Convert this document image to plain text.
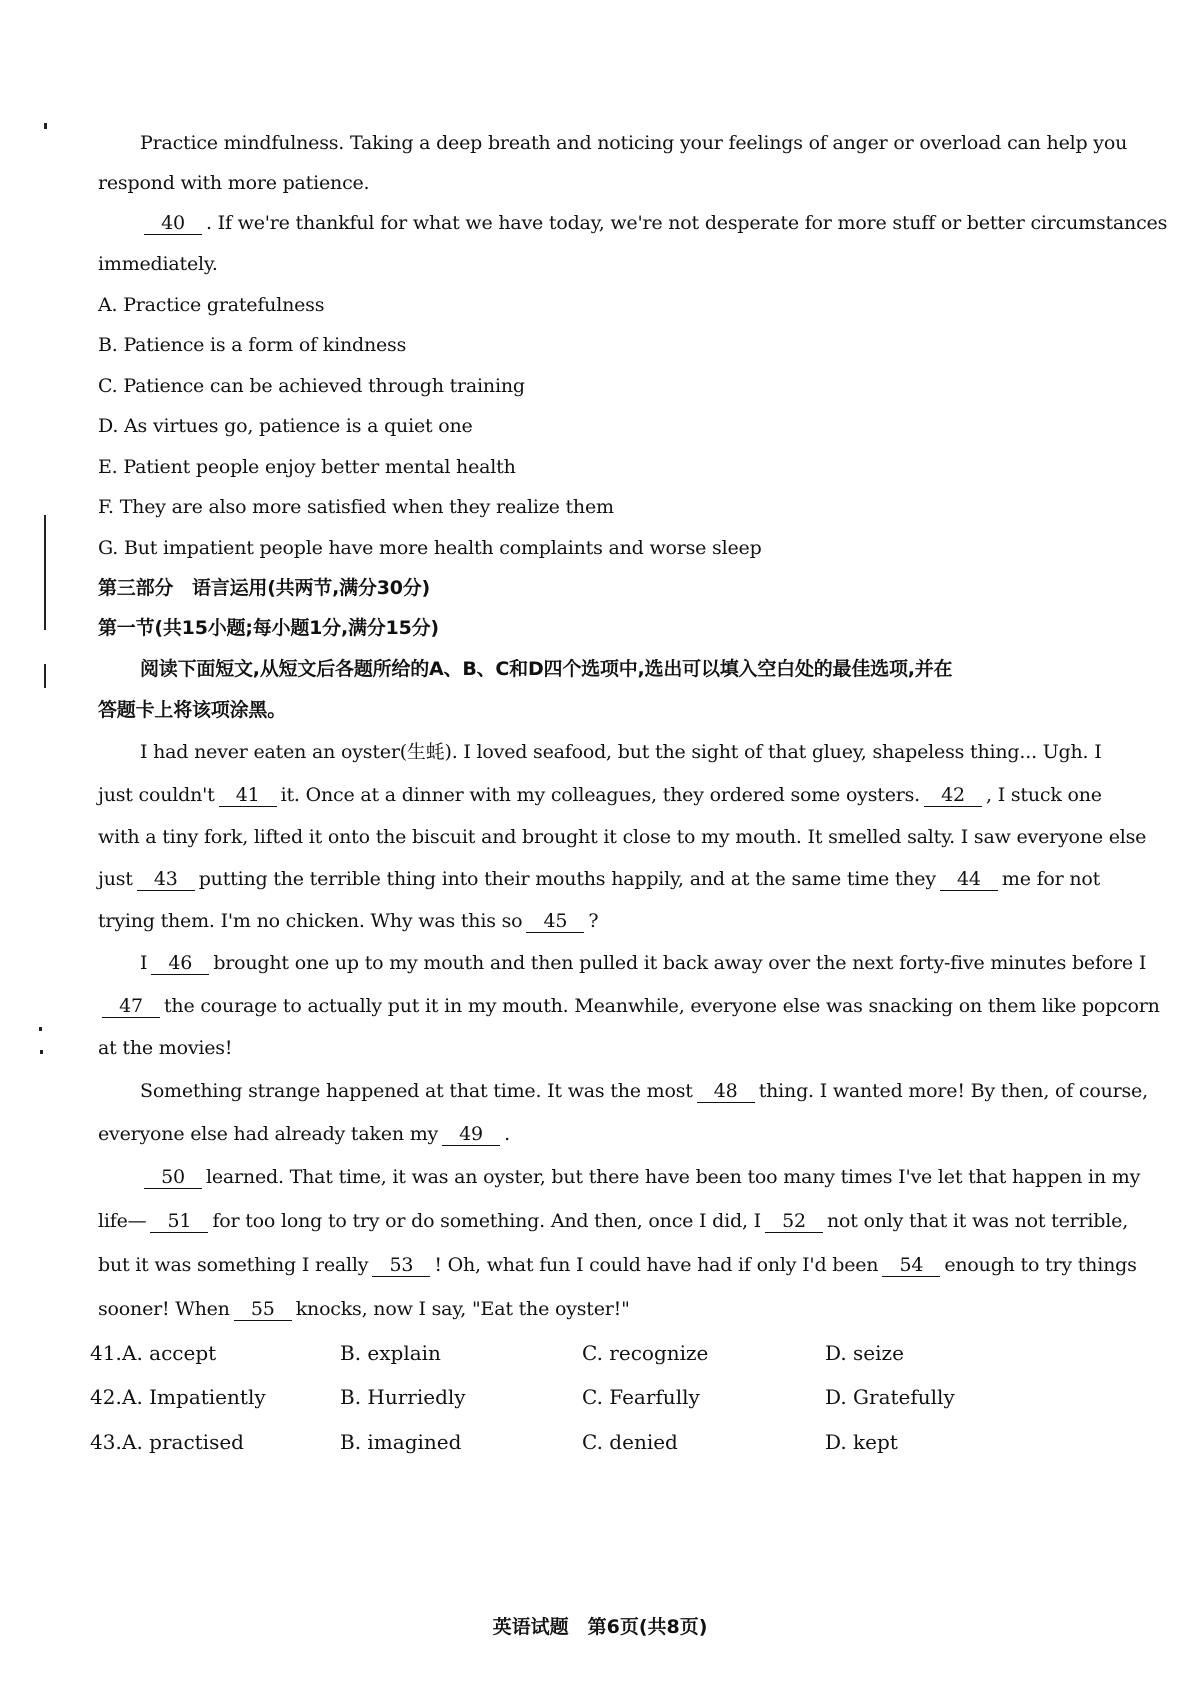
Practice mindfulness. Taking a deep breath and noticing your feelings of anger or overload can help you

respond with more patience.

40 . If we're thankful for what we have today, we're not desperate for more stuff or better circumstances

immediately.

A. Practice gratefulness

B. Patience is a form of kindness

C. Patience can be achieved through training

D. As virtues go, patience is a quiet one

E. Patient people enjoy better mental health

F. They are also more satisfied when they realize them

G. But impatient people have more health complaints and worse sleep

第三部分　语言运用(共两节,满分30分)

第一节(共15小题;每小题1分,满分15分)

阅读下面短文,从短文后各题所给的A、B、C和D四个选项中,选出可以填入空白处的最佳选项,并在

答题卡上将该项涂黑。

I had never eaten an oyster(生蚝). I loved seafood, but the sight of that gluey, shapeless thing... Ugh. I

just couldn't 41 it. Once at a dinner with my colleagues, they ordered some oysters. 42 , I stuck one

with a tiny fork, lifted it onto the biscuit and brought it close to my mouth. It smelled salty. I saw everyone else

just 43 putting the terrible thing into their mouths happily, and at the same time they 44 me for not

trying them. I'm no chicken. Why was this so 45 ?

I 46 brought one up to my mouth and then pulled it back away over the next forty-five minutes before I

47 the courage to actually put it in my mouth. Meanwhile, everyone else was snacking on them like popcorn

at the movies!

Something strange happened at that time. It was the most 48 thing. I wanted more! By then, of course,

everyone else had already taken my 49 .

50 learned. That time, it was an oyster, but there have been too many times I've let that happen in my

life— 51 for too long to try or do something. And then, once I did, I 52 not only that it was not terrible,

but it was something I really 53 ! Oh, what fun I could have had if only I'd been 54 enough to try things

sooner! When 55 knocks, now I say, "Eat the oyster!"

41. A. accept	B. explain	C. recognize	D. seize
42. A. Impatiently	B. Hurriedly	C. Fearfully	D. Gratefully
43. A. practised	B. imagined	C. denied	D. kept
英语试题　第6页(共8页)
